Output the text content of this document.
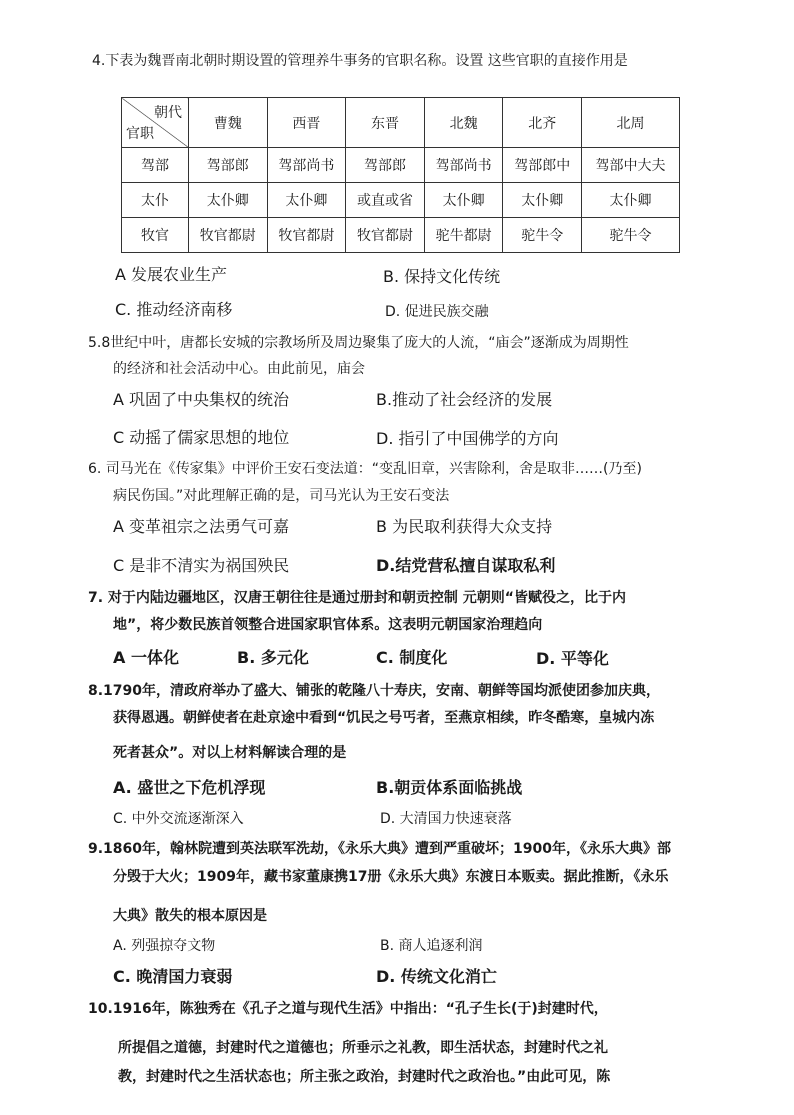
4.下表为魏晋南北朝时期设置的管理养牛事务的官职名称。设置 这些官职的直接作用是
朝代
官职	曹魏	西晋	东晋	北魏	北齐	北周
驾部	驾部郎	驾部尚书	驾部郎	驾部尚书	驾部郎中	驾部中大夫
太仆	太仆卿	太仆卿	或直或省	太仆卿	太仆卿	太仆卿
牧官	牧官都尉	牧官都尉	牧官都尉	驼牛都尉	驼牛令	驼牛令
A 发展农业生产	B. 保持文化传统
C. 推动经济南移	D. 促进民族交融
5.8世纪中叶，唐都长安城的宗教场所及周边聚集了庞大的人流，“庙会”逐渐成为周期性
的经济和社会活动中心。由此前见，庙会
A 巩固了中央集权的统治	B.推动了社会经济的发展
C 动摇了儒家思想的地位	D. 指引了中国佛学的方向
6. 司马光在《传家集》中评价王安石变法道：“变乱旧章，兴害除利，舍是取非……(乃至)
病民伤国。”对此理解正确的是，司马光认为王安石变法
A 变革祖宗之法勇气可嘉	B 为民取利获得大众支持
C 是非不清实为祸国殃民	D.结党营私擅自谋取私利
7. 对于内陆边疆地区，汉唐王朝往往是通过册封和朝贡控制 元朝则“皆赋役之，比于内
地”，将少数民族首领整合进国家职官体系。这表明元朝国家治理趋向
A 一体化	B. 多元化	C. 制度化	D. 平等化
8.1790年，清政府举办了盛大、铺张的乾隆八十寿庆，安南、朝鲜等国均派使团参加庆典，
获得恩遇。朝鲜使者在赴京途中看到“饥民之号丐者，至燕京相续，昨冬酷寒，皇城内冻
死者甚众”。对以上材料解读合理的是
A. 盛世之下危机浮现	B.朝贡体系面临挑战
C. 中外交流逐渐深入	D. 大清国力快速衰落
9.1860年，翰林院遭到英法联军洗劫，《永乐大典》遭到严重破坏；1900年，《永乐大典》部
分毁于大火；1909年，藏书家董康携17册《永乐大典》东渡日本贩卖。据此推断，《永乐
大典》散失的根本原因是
A. 列强掠夺文物	B. 商人追逐利润
C. 晚清国力衰弱	D. 传统文化消亡
10.1916年，陈独秀在《孔子之道与现代生活》中指出：“孔子生长(于)封建时代，
所提倡之道德，封建时代之道德也；所垂示之礼教，即生活状态，封建时代之礼
教，封建时代之生活状态也；所主张之政治，封建时代之政治也。”由此可见，陈
